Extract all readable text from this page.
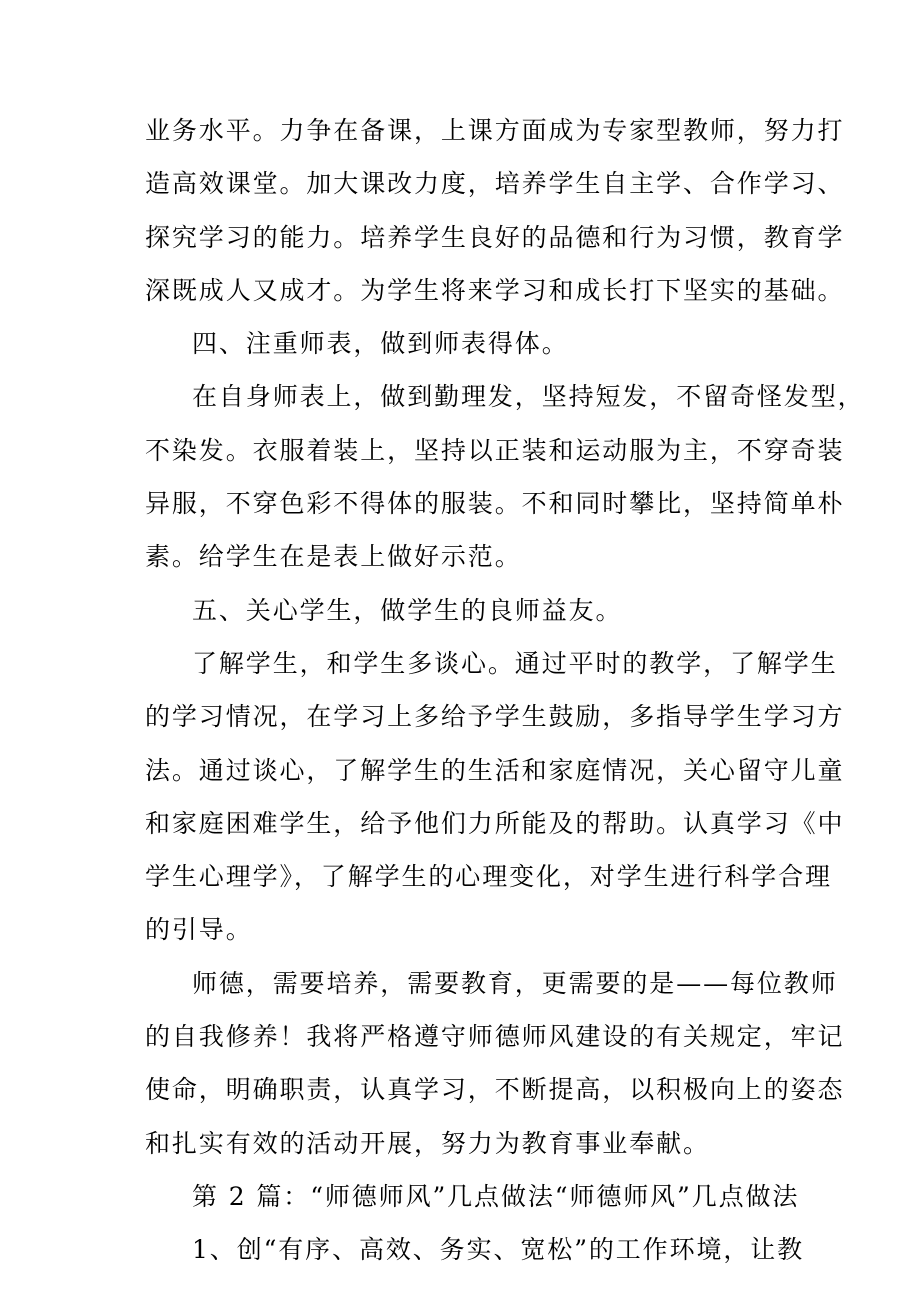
业务水平。力争在备课，上课方面成为专家型教师，努力打
造高效课堂。加大课改力度，培养学生自主学、合作学习、
探究学习的能力。培养学生良好的品德和行为习惯，教育学
深既成人又成才。为学生将来学习和成长打下坚实的基础。
四、注重师表，做到师表得体。
在自身师表上，做到勤理发，坚持短发，不留奇怪发型，
不染发。衣服着装上，坚持以正装和运动服为主，不穿奇装
异服，不穿色彩不得体的服装。不和同时攀比，坚持简单朴
素。给学生在是表上做好示范。
五、关心学生，做学生的良师益友。
了解学生，和学生多谈心。通过平时的教学，了解学生
的学习情况，在学习上多给予学生鼓励，多指导学生学习方
法。通过谈心，了解学生的生活和家庭情况，关心留守儿童
和家庭困难学生，给予他们力所能及的帮助。认真学习《中
学生心理学》，了解学生的心理变化，对学生进行科学合理
的引导。
师德，需要培养，需要教育，更需要的是——每位教师
的自我修养！我将严格遵守师德师风建设的有关规定，牢记
使命，明确职责，认真学习，不断提高，以积极向上的姿态
和扎实有效的活动开展，努力为教育事业奉献。
第 2 篇：“师德师风”几点做法“师德师风”几点做法
1、创“有序、高效、务实、宽松”的工作环境，让教
